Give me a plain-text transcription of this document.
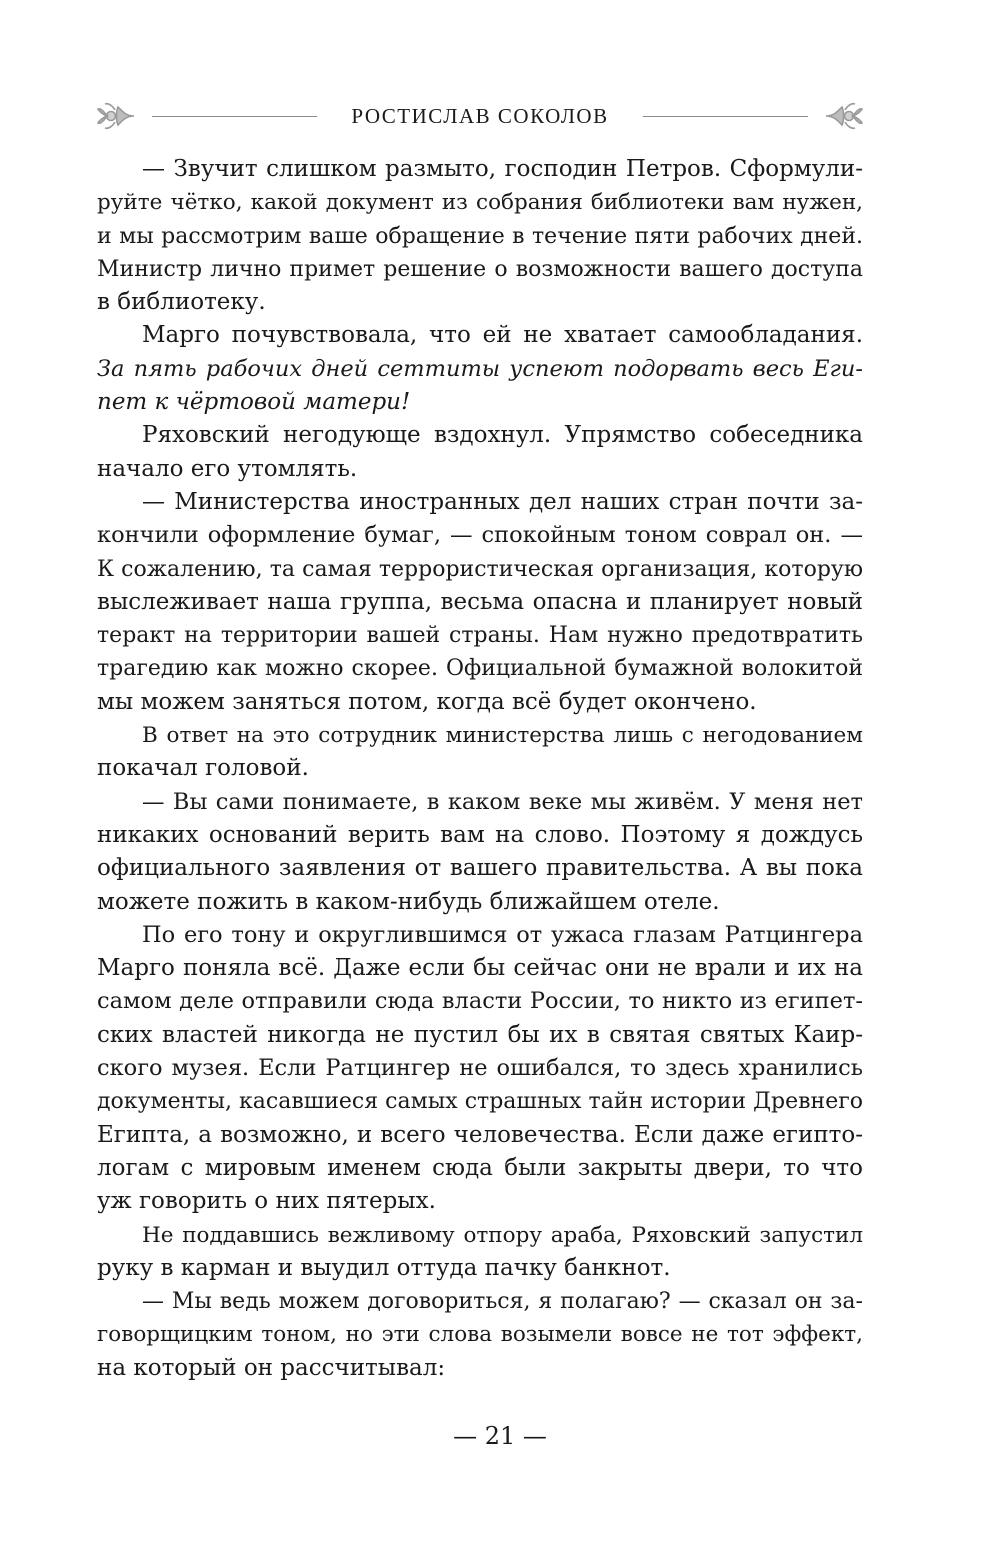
РОСТИСЛАВ СОКОЛОВ
— Звучит слишком размыто, господин Петров. Сформули-
руйте чётко, какой документ из собрания библиотеки вам нужен,
и мы рассмотрим ваше обращение в течение пяти рабочих дней.
Министр лично примет решение о возможности вашего доступа
в библиотеку.
Марго почувствовала, что ей не хватает самообладания.
За пять рабочих дней сеттиты успеют подорвать весь Еги-
пет к чёртовой матери!
Ряховский негодующе вздохнул. Упрямство собеседника
начало его утомлять.
— Министерства иностранных дел наших стран почти за-
кончили оформление бумаг, — спокойным тоном соврал он. —
К сожалению, та самая террористическая организация, которую
выслеживает наша группа, весьма опасна и планирует новый
теракт на территории вашей страны. Нам нужно предотвратить
трагедию как можно скорее. Официальной бумажной волокитой
мы можем заняться потом, когда всё будет окончено.
В ответ на это сотрудник министерства лишь с негодованием
покачал головой.
— Вы сами понимаете, в каком веке мы живём. У меня нет
никаких оснований верить вам на слово. Поэтому я дождусь
официального заявления от вашего правительства. А вы пока
можете пожить в каком-нибудь ближайшем отеле.
По его тону и округлившимся от ужаса глазам Ратцингера
Марго поняла всё. Даже если бы сейчас они не врали и их на
самом деле отправили сюда власти России, то никто из египет-
ских властей никогда не пустил бы их в святая святых Каир-
ского музея. Если Ратцингер не ошибался, то здесь хранились
документы, касавшиеся самых страшных тайн истории Древнего
Египта, а возможно, и всего человечества. Если даже египто-
логам с мировым именем сюда были закрыты двери, то что
уж говорить о них пятерых.
Не поддавшись вежливому отпору араба, Ряховский запустил
руку в карман и выудил оттуда пачку банкнот.
— Мы ведь можем договориться, я полагаю? — сказал он за-
говорщицким тоном, но эти слова возымели вовсе не тот эффект,
на который он рассчитывал:
— 21 —
